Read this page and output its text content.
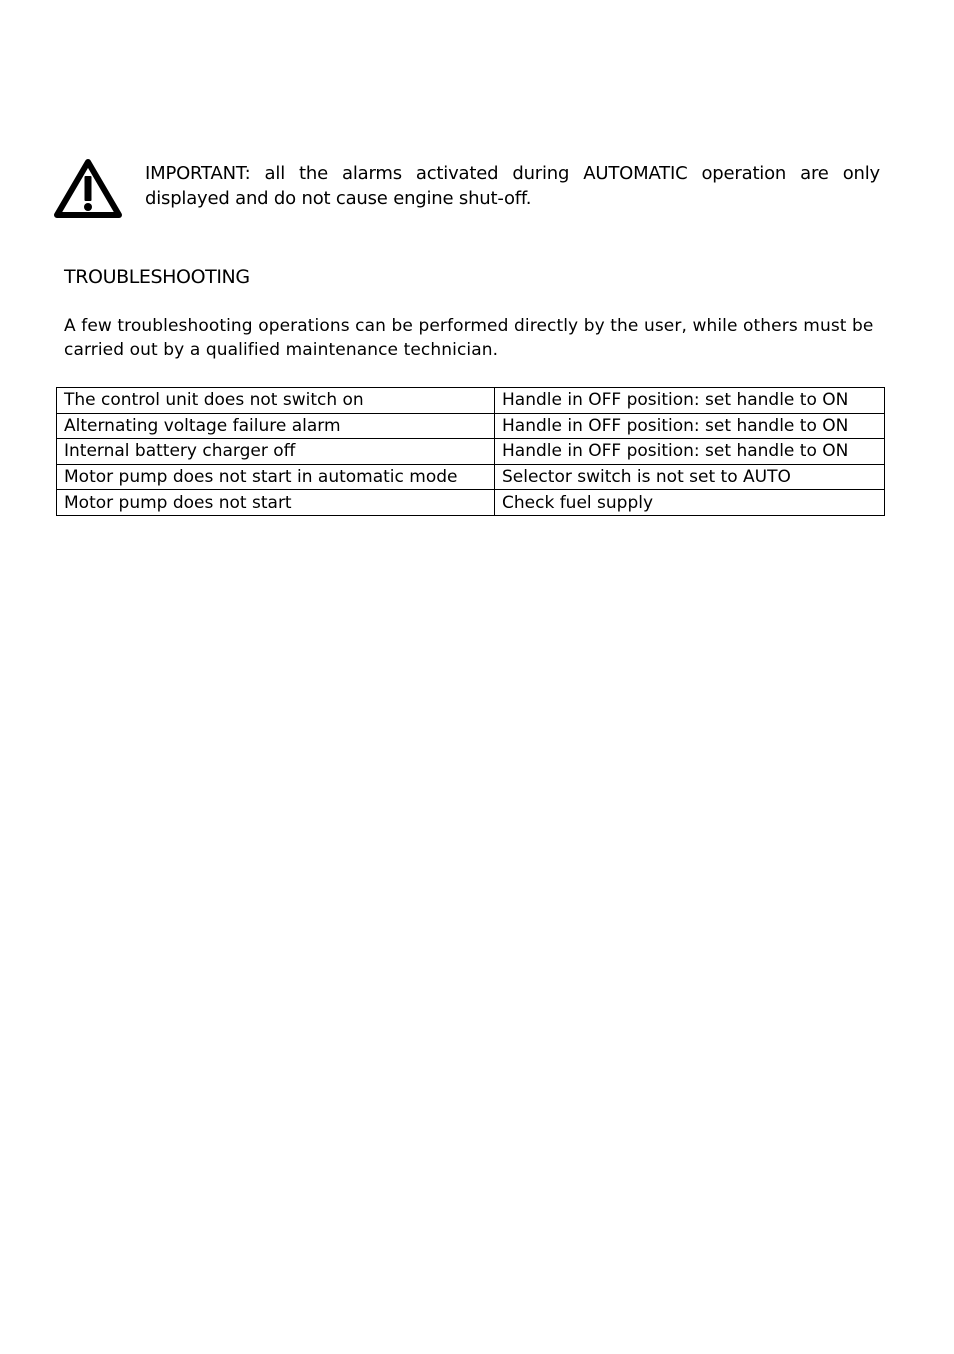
IMPORTANT: all the alarms activated during AUTOMATIC operation are only displayed and do not cause engine shut-off.
TROUBLESHOOTING
A few troubleshooting operations can be performed directly by the user, while others must be carried out by a qualified maintenance technician.
The control unit does not switch on	Handle in OFF position: set handle to ON
Alternating voltage failure alarm	Handle in OFF position: set handle to ON
Internal battery charger off	Handle in OFF position: set handle to ON
Motor pump does not start in automatic mode	Selector switch is not set to AUTO
Motor pump does not start	Check fuel supply
